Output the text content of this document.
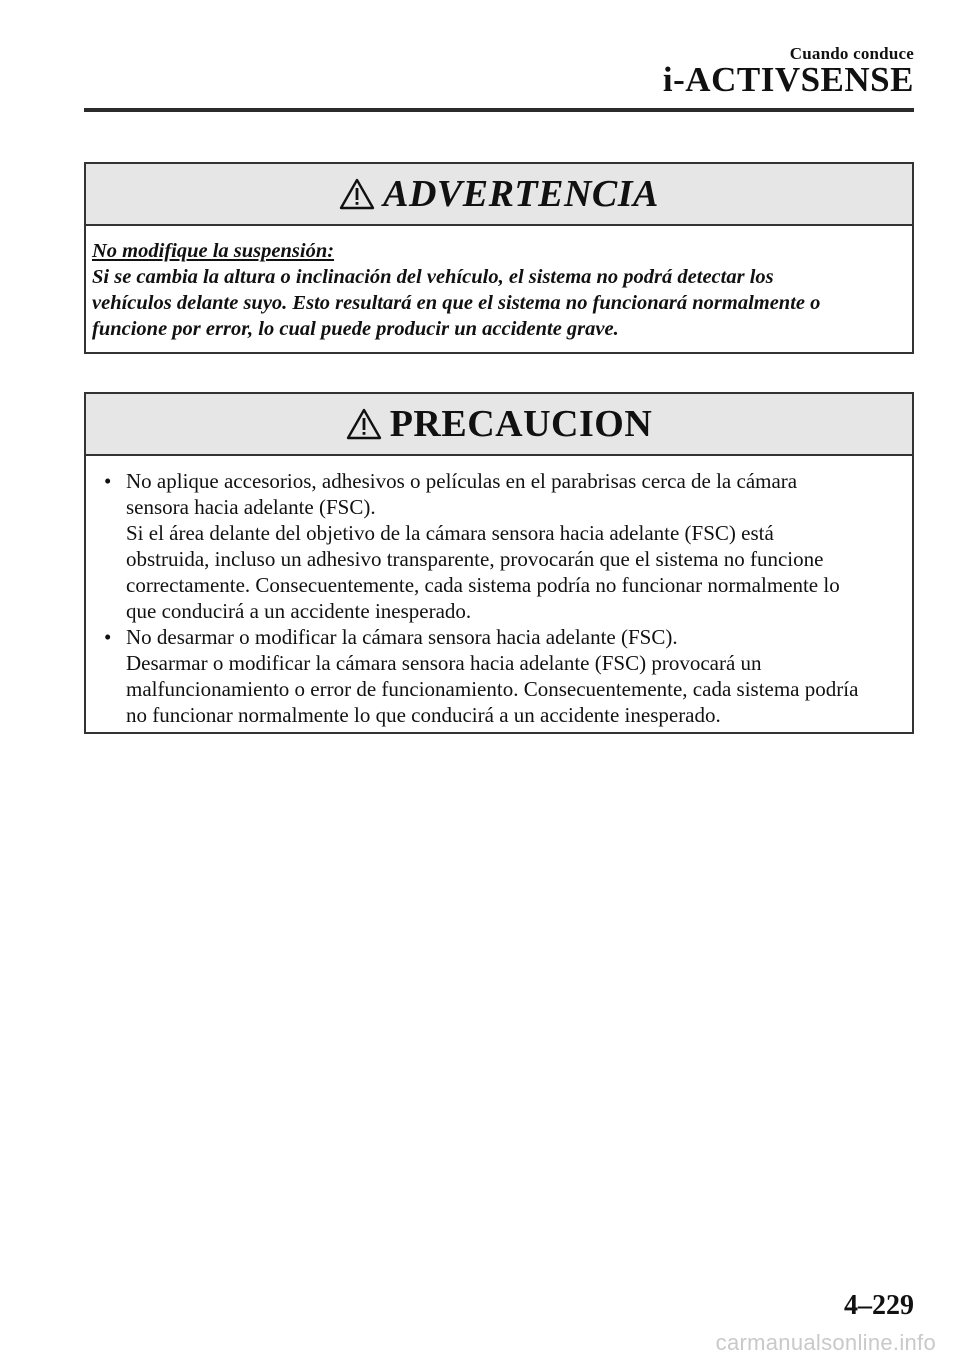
Cuando conduce
i-ACTIVSENSE
ADVERTENCIA
No modifique la suspensión:
Si se cambia la altura o inclinación del vehículo, el sistema no podrá detectar los
vehículos delante suyo. Esto resultará en que el sistema no funcionará normalmente o
funcione por error, lo cual puede producir un accidente grave.
PRECAUCION
• No aplique accesorios, adhesivos o películas en el parabrisas cerca de la cámara
sensora hacia adelante (FSC).
Si el área delante del objetivo de la cámara sensora hacia adelante (FSC) está
obstruida, incluso un adhesivo transparente, provocarán que el sistema no funcione
correctamente. Consecuentemente, cada sistema podría no funcionar normalmente lo
que conducirá a un accidente inesperado.
• No desarmar o modificar la cámara sensora hacia adelante (FSC).
Desarmar o modificar la cámara sensora hacia adelante (FSC) provocará un
malfuncionamiento o error de funcionamiento. Consecuentemente, cada sistema podría
no funcionar normalmente lo que conducirá a un accidente inesperado.
4–229
carmanualsonline.info
